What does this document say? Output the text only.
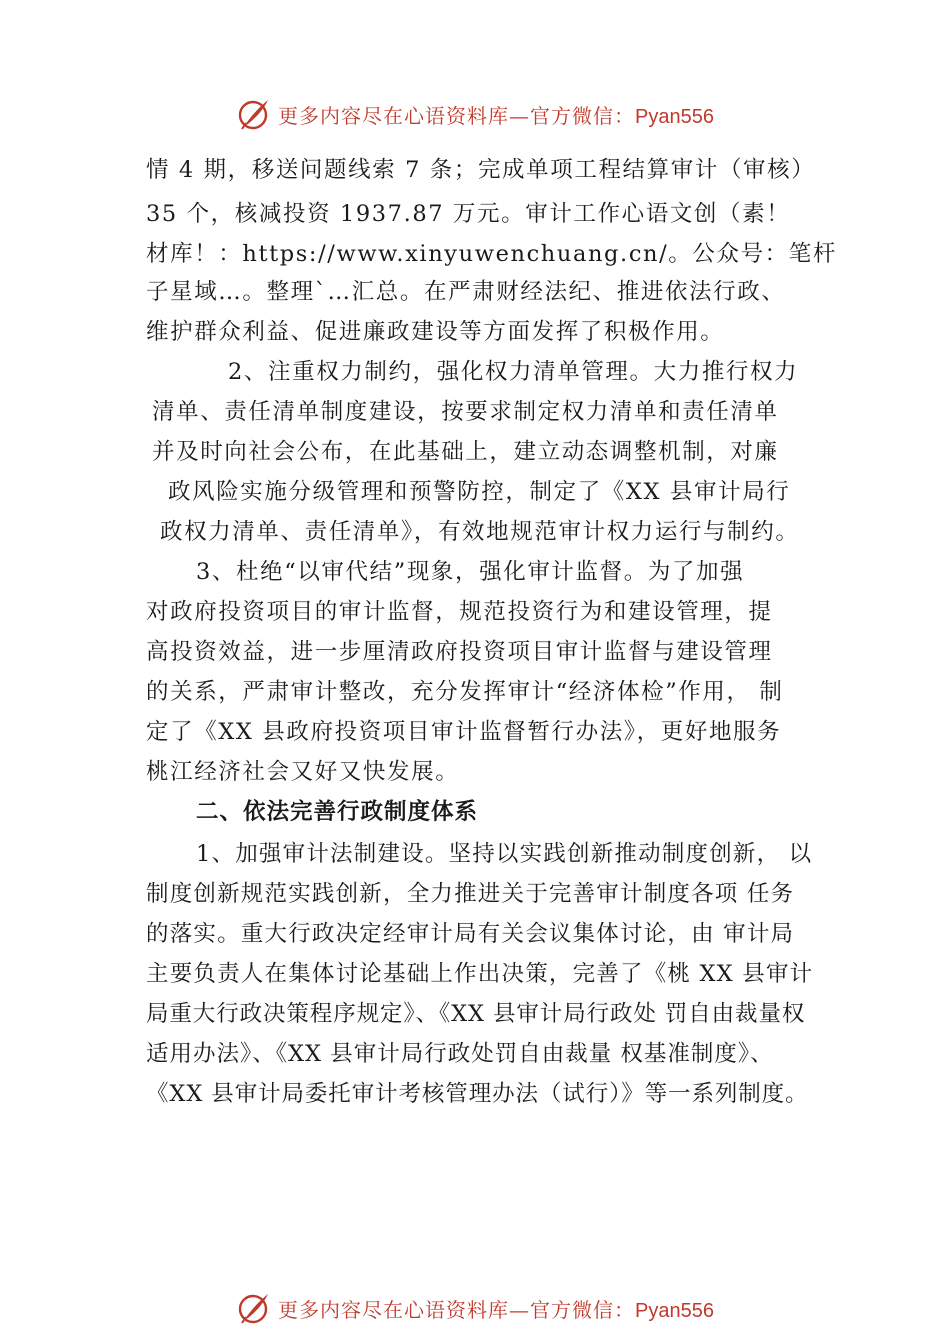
更多内容尽在心语资料库—官方微信：Pyan556
情 4 期，移送问题线索 7 条；完成单项工程结算审计（审核）
35 个，核减投资 1937.87 万元。审计工作心语文创（素！
材库！：https://www.xinyuwenchuang.cn/。公众号：笔杆
子星域…。整理`…汇总。在严肃财经法纪、推进依法行政、
维护群众利益、促进廉政建设等方面发挥了积极作用。
2、注重权力制约，强化权力清单管理。大力推行权力
清单、责任清单制度建设，按要求制定权力清单和责任清单
并及时向社会公布，在此基础上，建立动态调整机制，对廉
政风险实施分级管理和预警防控，制定了《XX 县审计局行
政权力清单、责任清单》，有效地规范审计权力运行与制约。
3、杜绝“以审代结”现象，强化审计监督。为了加强
对政府投资项目的审计监督，规范投资行为和建设管理，提
高投资效益，进一步厘清政府投资项目审计监督与建设管理
的关系，严肃审计整改，充分发挥审计“经济体检”作用， 制
定了《XX 县政府投资项目审计监督暂行办法》，更好地服务
桃江经济社会又好又快发展。
二、依法完善行政制度体系
1、加强审计法制建设。坚持以实践创新推动制度创新， 以
制度创新规范实践创新，全力推进关于完善审计制度各项 任务
的落实。重大行政决定经审计局有关会议集体讨论，由 审计局
主要负责人在集体讨论基础上作出决策，完善了《桃 XX 县审计
局重大行政决策程序规定》、《XX 县审计局行政处 罚自由裁量权
适用办法》、《XX 县审计局行政处罚自由裁量 权基准制度》、
《XX 县审计局委托审计考核管理办法（试行）》等一系列制度。
更多内容尽在心语资料库—官方微信：Pyan556
